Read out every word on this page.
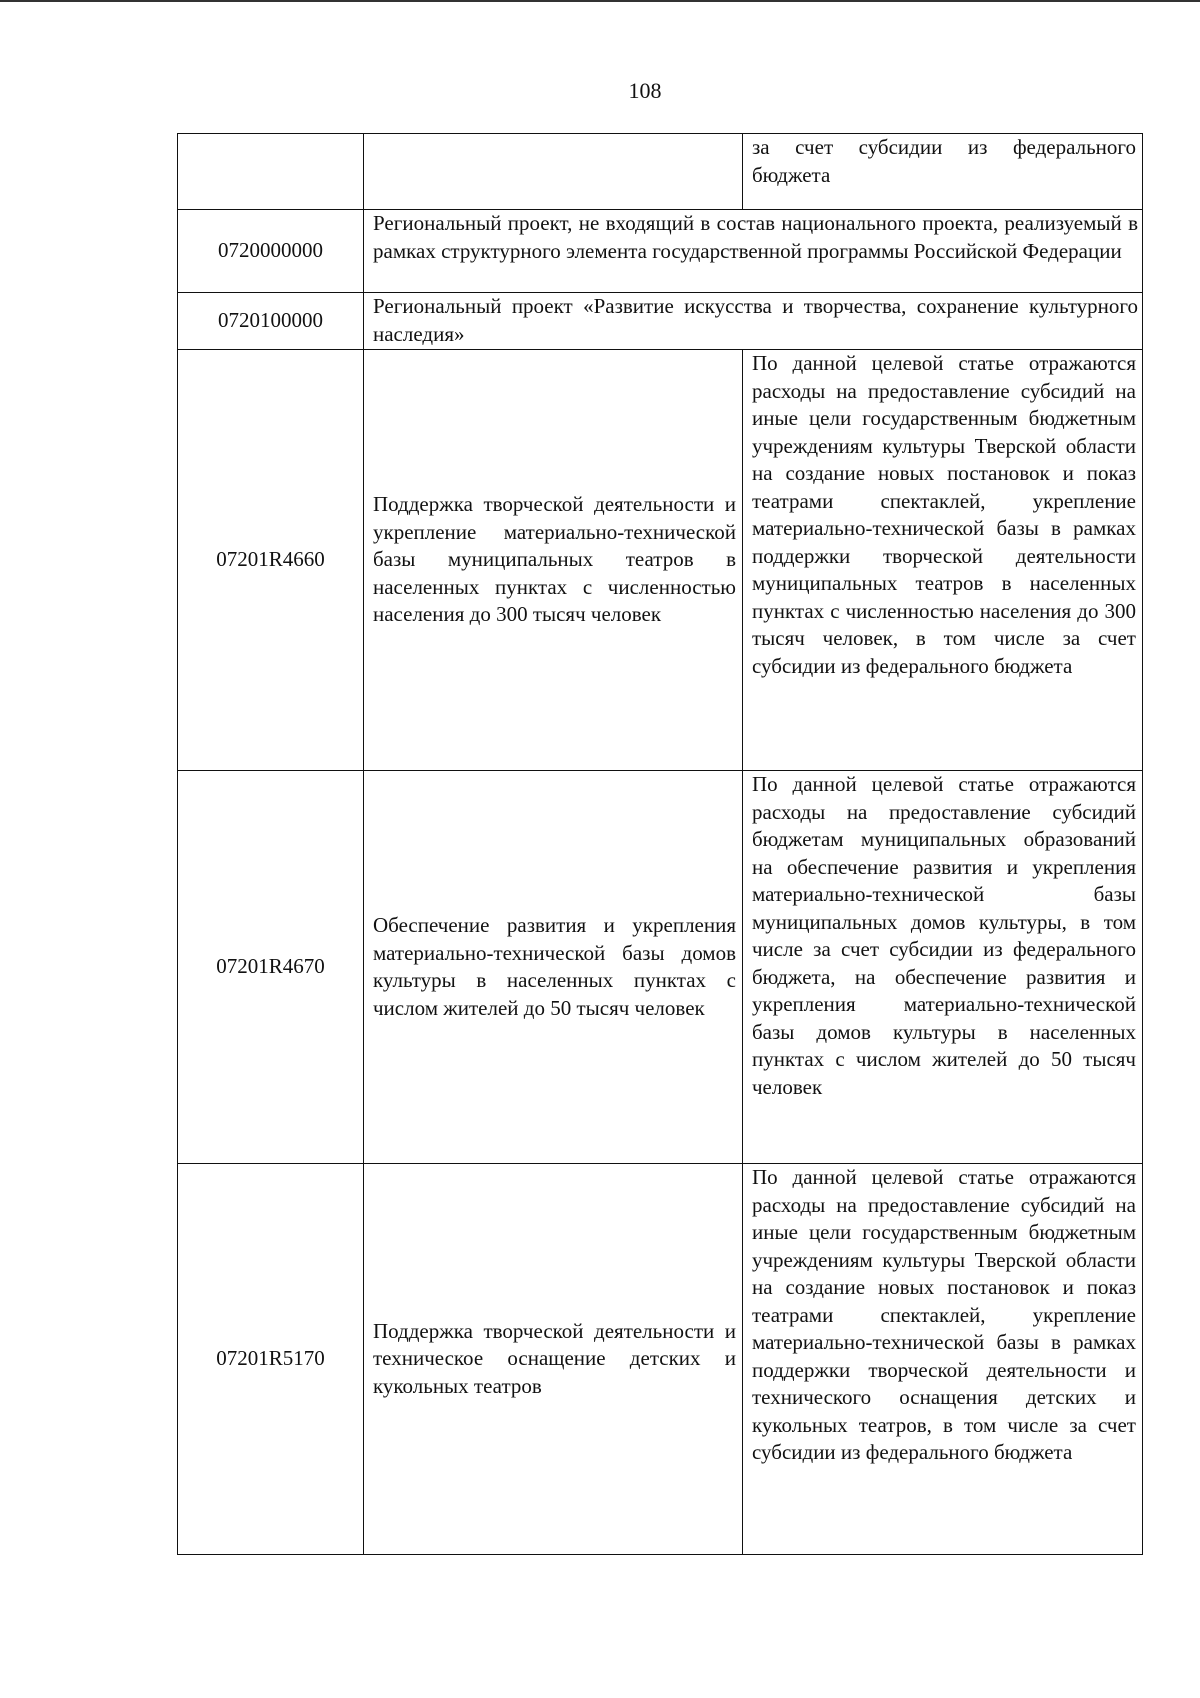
108
		за счет субсидии из федерального бюджета
0720000000	Региональный проект, не входящий в состав национального проекта, реализуемый в рамках структурного элемента государственной программы Российской Федерации	
0720100000	Региональный проект «Развитие искусства и творчества, сохранение культурного наследия»	
07201R4660	Поддержка творческой деятельности и укрепление материально-технической базы муниципальных театров в населенных пунктах с численностью населения до 300 тысяч человек	По данной целевой статье отражаются расходы на предоставление субсидий на иные цели государственным бюджетным учреждениям культуры Тверской области на создание новых постановок и показ театрами спектаклей, укрепление материально-технической базы в рамках поддержки творческой деятельности муниципальных театров в населенных пунктах с численностью населения до 300 тысяч человек, в том числе за счет субсидии из федерального бюджета

07201R4670	Обеспечение развития и укрепления материально-технической базы домов культуры в населенных пунктах с числом жителей до 50 тысяч человек	По данной целевой статье отражаются расходы на предоставление субсидий бюджетам муниципальных образований на обеспечение развития и укрепления материально-технической базы муниципальных домов культуры, в том числе за счет субсидии из федерального бюджета, на обеспечение развития и укрепления материально-технической базы домов культуры в населенных пунктах с числом жителей до 50 тысяч человек

07201R5170	Поддержка творческой деятельности и техническое оснащение детских и кукольных театров	По данной целевой статье отражаются расходы на предоставление субсидий на иные цели государственным бюджетным учреждениям культуры Тверской области на создание новых постановок и показ театрами спектаклей, укрепление материально-технической базы в рамках поддержки творческой деятельности и технического оснащения детских и кукольных театров, в том числе за счет субсидии из федерального бюджета
